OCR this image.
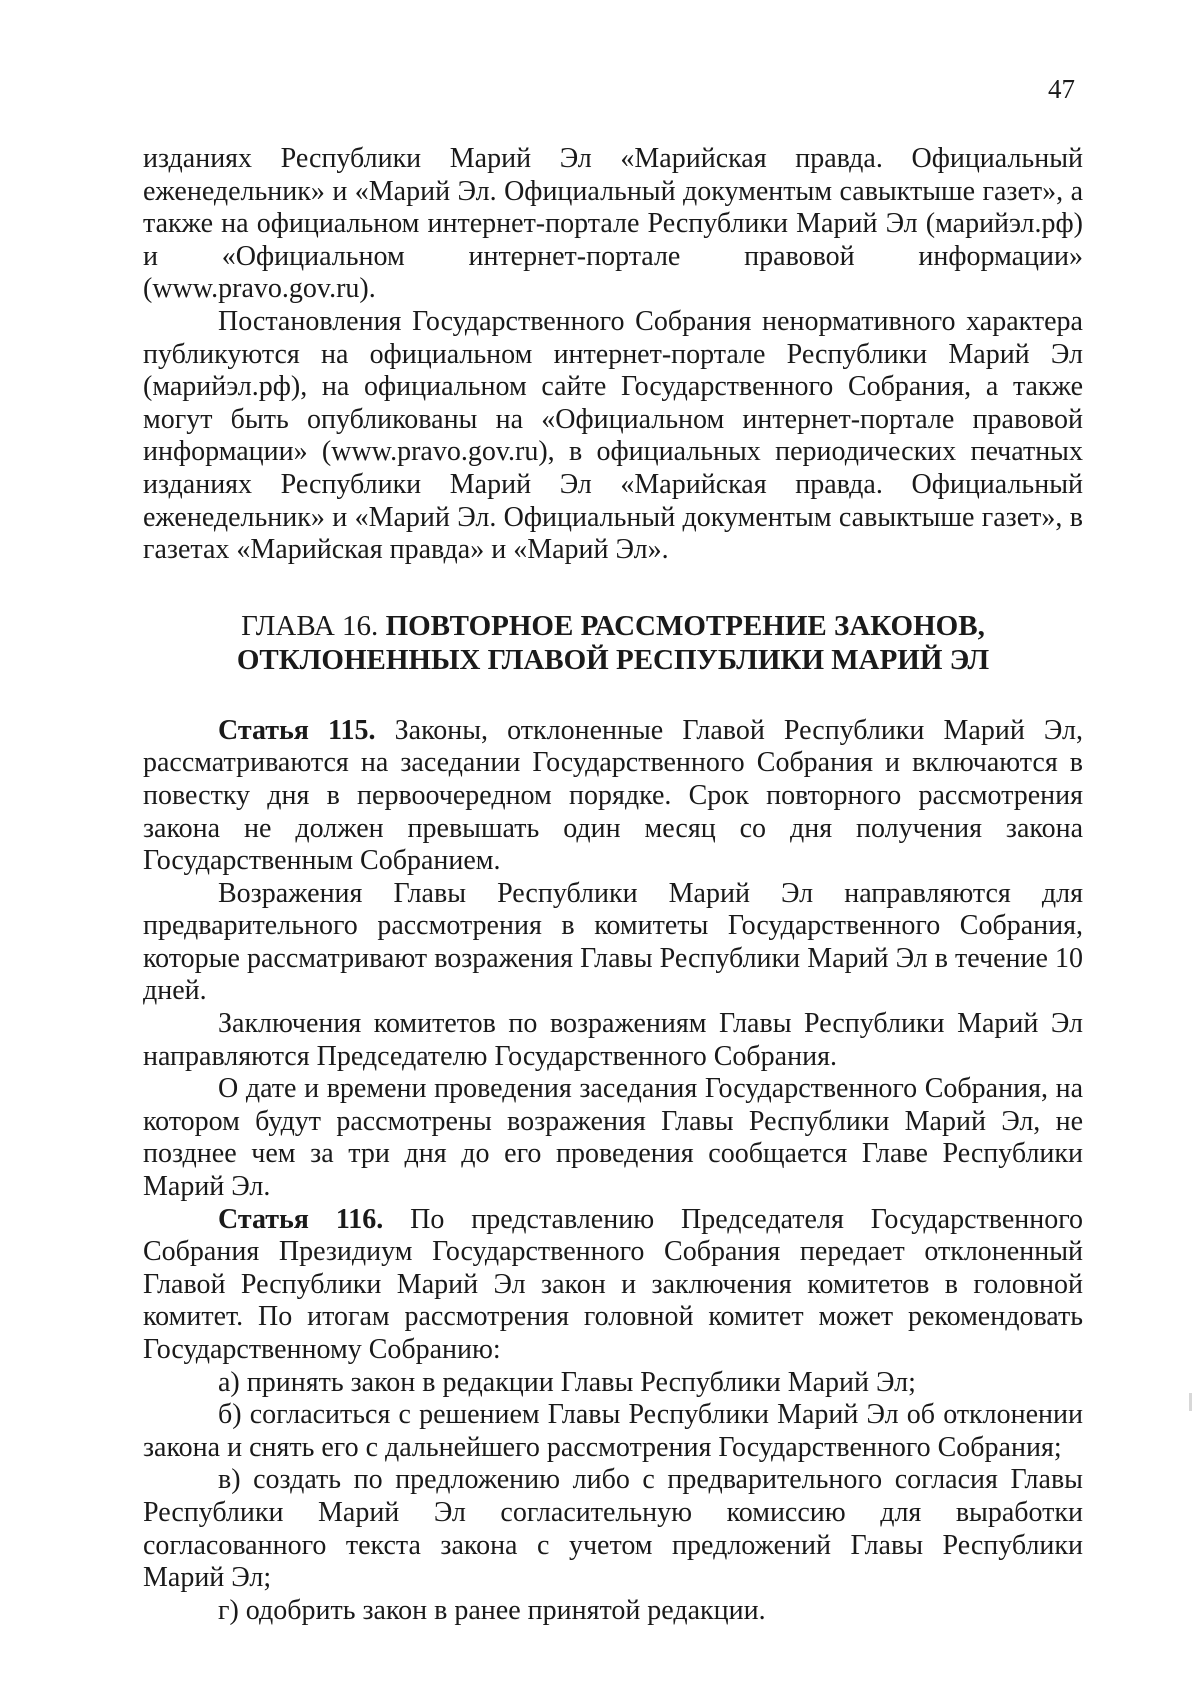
47

изданиях Республики Марий Эл «Марийская правда. Официальный еженедельник» и «Марий Эл. Официальный документым савыктыше газет», а также на официальном интернет-портале Республики Марий Эл (марийэл.рф) и «Официальном интернет-портале правовой информации» (www.pravo.gov.ru).

Постановления Государственного Собрания ненормативного характера публикуются на официальном интернет-портале Республики Марий Эл (марийэл.рф), на официальном сайте Государственного Собрания, а также могут быть опубликованы на «Официальном интернет-портале правовой информации» (www.pravo.gov.ru), в официальных периодических печатных изданиях Республики Марий Эл «Марийская правда. Официальный еженедельник» и «Марий Эл. Официальный документым савыктыше газет», в газетах «Марийская правда» и «Марий Эл».

ГЛАВА 16. ПОВТОРНОЕ РАССМОТРЕНИЕ ЗАКОНОВ,
ОТКЛОНЕННЫХ ГЛАВОЙ РЕСПУБЛИКИ МАРИЙ ЭЛ

Статья 115. Законы, отклоненные Главой Республики Марий Эл, рассматриваются на заседании Государственного Собрания и включаются в повестку дня в первоочередном порядке. Срок повторного рассмотрения закона не должен превышать один месяц со дня получения закона Государственным Собранием.

Возражения Главы Республики Марий Эл направляются для предварительного рассмотрения в комитеты Государственного Собрания, которые рассматривают возражения Главы Республики Марий Эл в течение 10 дней.

Заключения комитетов по возражениям Главы Республики Марий Эл направляются Председателю Государственного Собрания.

О дате и времени проведения заседания Государственного Собрания, на котором будут рассмотрены возражения Главы Республики Марий Эл, не позднее чем за три дня до его проведения сообщается Главе Республики Марий Эл.

Статья 116. По представлению Председателя Государственного Собрания Президиум Государственного Собрания передает отклоненный Главой Республики Марий Эл закон и заключения комитетов в головной комитет. По итогам рассмотрения головной комитет может рекомендовать Государственному Собранию:

а) принять закон в редакции Главы Республики Марий Эл;

б) согласиться с решением Главы Республики Марий Эл об отклонении закона и снять его с дальнейшего рассмотрения Государственного Собрания;

в) создать по предложению либо с предварительного согласия Главы Республики Марий Эл согласительную комиссию для выработки согласованного текста закона с учетом предложений Главы Республики Марий Эл;

г) одобрить закон в ранее принятой редакции.
